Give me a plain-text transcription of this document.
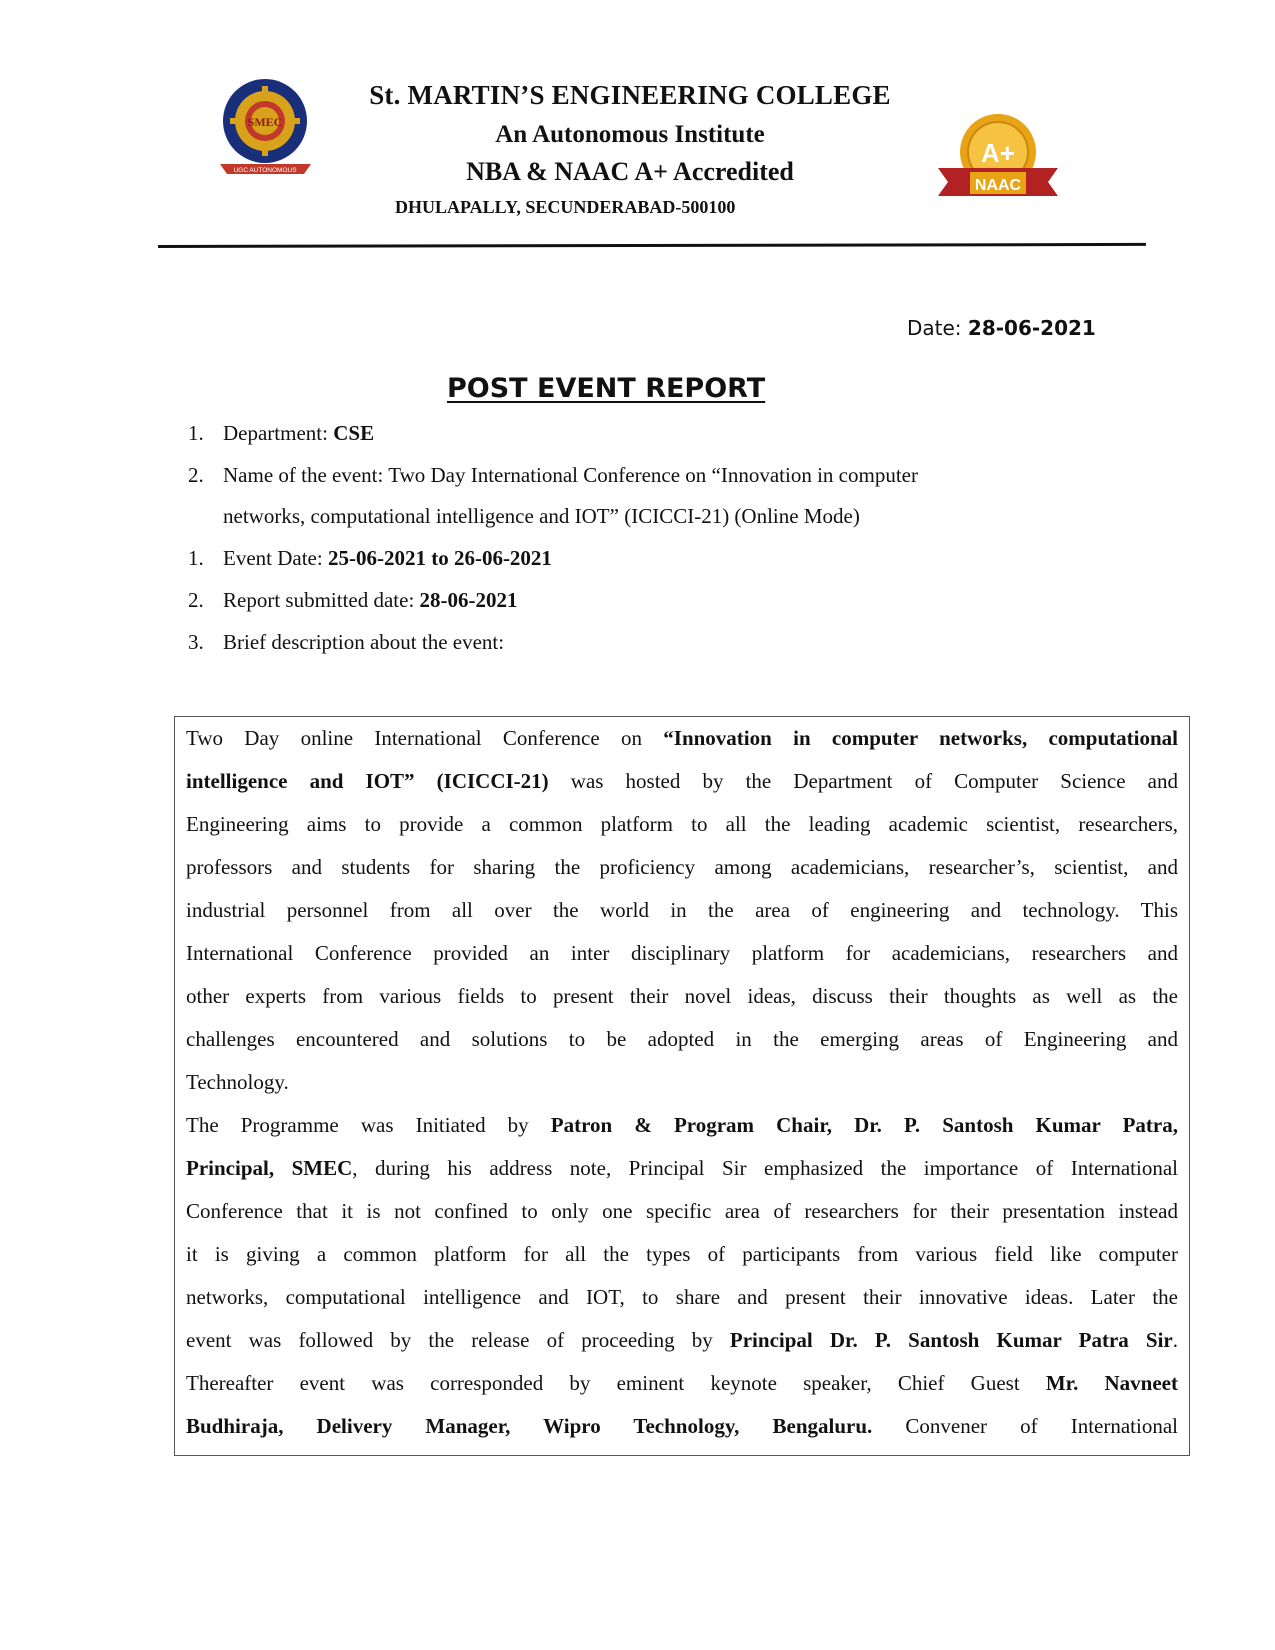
SMEC
UGC AUTONOMOUS
A+
NAAC
St. MARTIN’S ENGINEERING COLLEGE
An Autonomous Institute
NBA & NAAC A+ Accredited
DHULAPALLY, SECUNDERABAD-500100
Date: 28-06-2021
POST EVENT REPORT
1. Department: CSE
2. Name of the event: Two Day International Conference on “Innovation in computer
networks, computational intelligence and IOT” (ICICCI-21) (Online Mode)
1. Event Date: 25-06-2021 to 26-06-2021
2. Report submitted date: 28-06-2021
3. Brief description about the event:
Two Day online International Conference on “Innovation in computer networks, computational
intelligence and IOT” (ICICCI-21) was hosted by the Department of Computer Science and
Engineering aims to provide a common platform to all the leading academic scientist, researchers,
professors and students for sharing the proficiency among academicians, researcher’s, scientist, and
industrial personnel from all over the world in the area of engineering and technology. This
International Conference provided an inter disciplinary platform for academicians, researchers and
other experts from various fields to present their novel ideas, discuss their thoughts as well as the
challenges encountered and solutions to be adopted in the emerging areas of Engineering and
Technology.
The Programme was Initiated by Patron & Program Chair, Dr. P. Santosh Kumar Patra,
Principal, SMEC, during his address note, Principal Sir emphasized the importance of International
Conference that it is not confined to only one specific area of researchers for their presentation instead
it is giving a common platform for all the types of participants from various field like computer
networks, computational intelligence and IOT, to share and present their innovative ideas. Later the
event was followed by the release of proceeding by Principal Dr. P. Santosh Kumar Patra Sir.
Thereafter event was corresponded by eminent keynote speaker, Chief Guest Mr. Navneet
Budhiraja, Delivery Manager, Wipro Technology, Bengaluru. Convener of International
